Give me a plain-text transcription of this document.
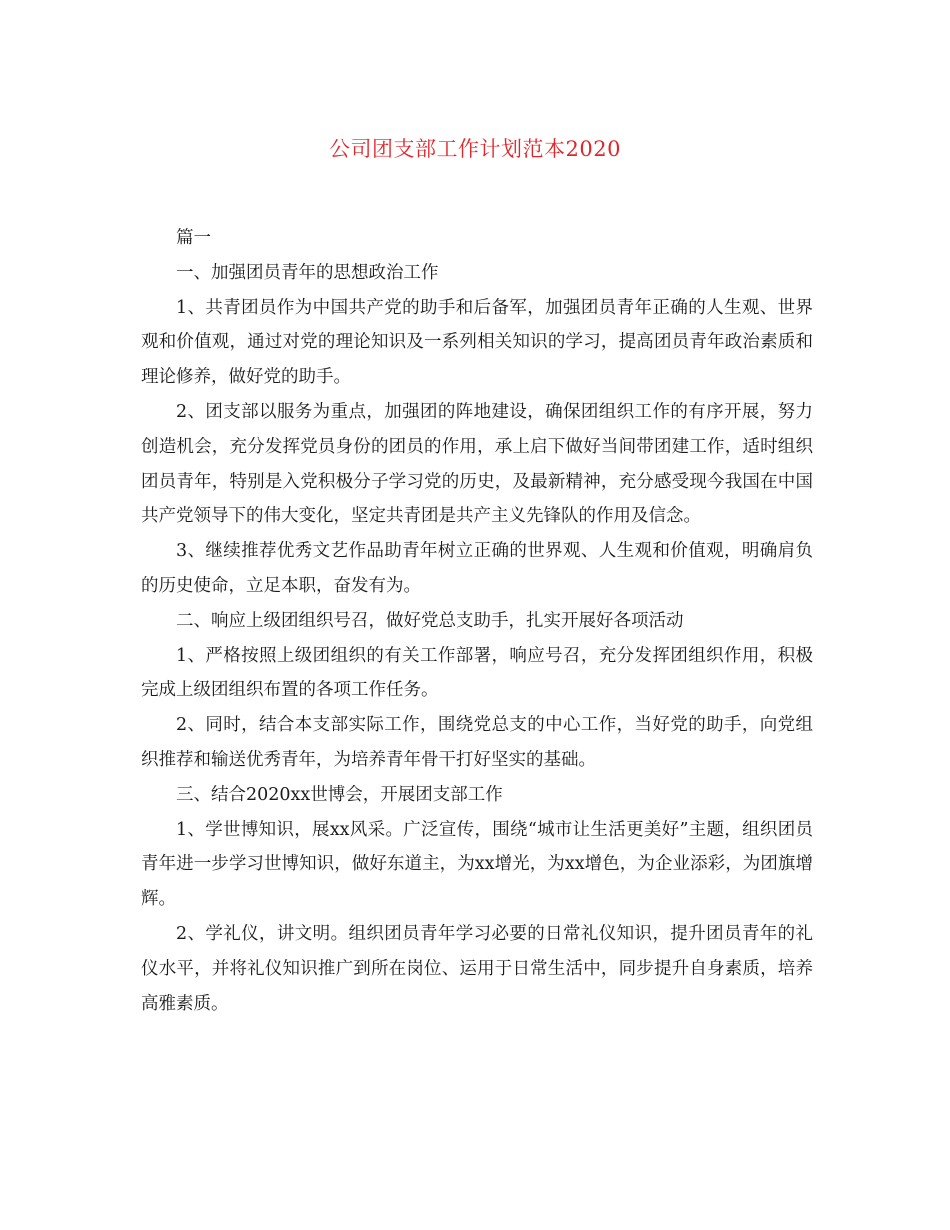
公司团支部工作计划范本2020

篇一

一、加强团员青年的思想政治工作

1、共青团员作为中国共产党的助手和后备军，加强团员青年正确的人生观、世界观和价值观，通过对党的理论知识及一系列相关知识的学习，提高团员青年政治素质和理论修养，做好党的助手。

2、团支部以服务为重点，加强团的阵地建设，确保团组织工作的有序开展，努力创造机会，充分发挥党员身份的团员的作用，承上启下做好当间带团建工作，适时组织团员青年，特别是入党积极分子学习党的历史，及最新精神，充分感受现今我国在中国共产党领导下的伟大变化，坚定共青团是共产主义先锋队的作用及信念。

3、继续推荐优秀文艺作品助青年树立正确的世界观、人生观和价值观，明确肩负的历史使命，立足本职，奋发有为。

二、响应上级团组织号召，做好党总支助手，扎实开展好各项活动

1、严格按照上级团组织的有关工作部署，响应号召，充分发挥团组织作用，积极完成上级团组织布置的各项工作任务。

2、同时，结合本支部实际工作，围绕党总支的中心工作，当好党的助手，向党组织推荐和输送优秀青年，为培养青年骨干打好坚实的基础。

三、结合2020xx世博会，开展团支部工作

1、学世博知识，展xx风采。广泛宣传，围绕“城市让生活更美好”主题，组织团员青年进一步学习世博知识，做好东道主，为xx增光，为xx增色，为企业添彩，为团旗增辉。

2、学礼仪，讲文明。组织团员青年学习必要的日常礼仪知识，提升团员青年的礼仪水平，并将礼仪知识推广到所在岗位、运用于日常生活中，同步提升自身素质，培养高雅素质。
